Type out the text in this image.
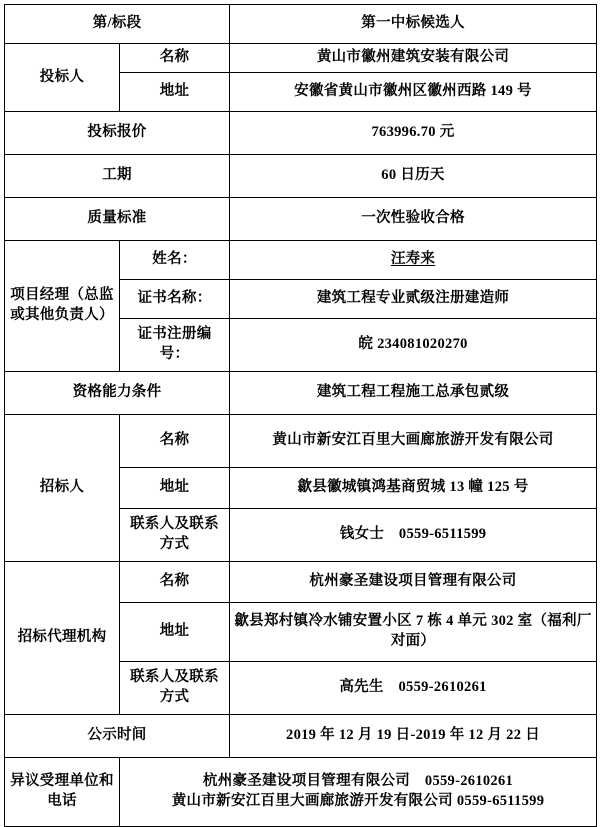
第/标段		第一中标候选人
投标人	名称	黄山市徽州建筑安装有限公司
	地址	安徽省黄山市徽州区徽州西路 149 号
投标报价		763996.70 元
工期		60 日历天
质量标准		一次性验收合格
项目经理（总监或其他负责人）	姓名：	汪寿来
	证书名称：	建筑工程专业贰级注册建造师
	证书注册编号：	皖 234081020270
资格能力条件		建筑工程工程施工总承包贰级
招标人	名称	黄山市新安江百里大画廊旅游开发有限公司
	地址	歙县徽城镇鸿基商贸城 13 幢 125 号
	联系人及联系方式	钱女士　0559-6511599
招标代理机构	名称	杭州豪圣建设项目管理有限公司
	地址	歙县郑村镇冷水铺安置小区 7 栋 4 单元 302 室（福利厂对面）
	联系人及联系方式	高先生　0559-2610261
公示时间		2019 年 12 月 19 日-2019 年 12 月 22 日
异议受理单位和电话	杭州豪圣建设项目管理有限公司　0559-2610261
黄山市新安江百里大画廊旅游开发有限公司 0559-6511599	
